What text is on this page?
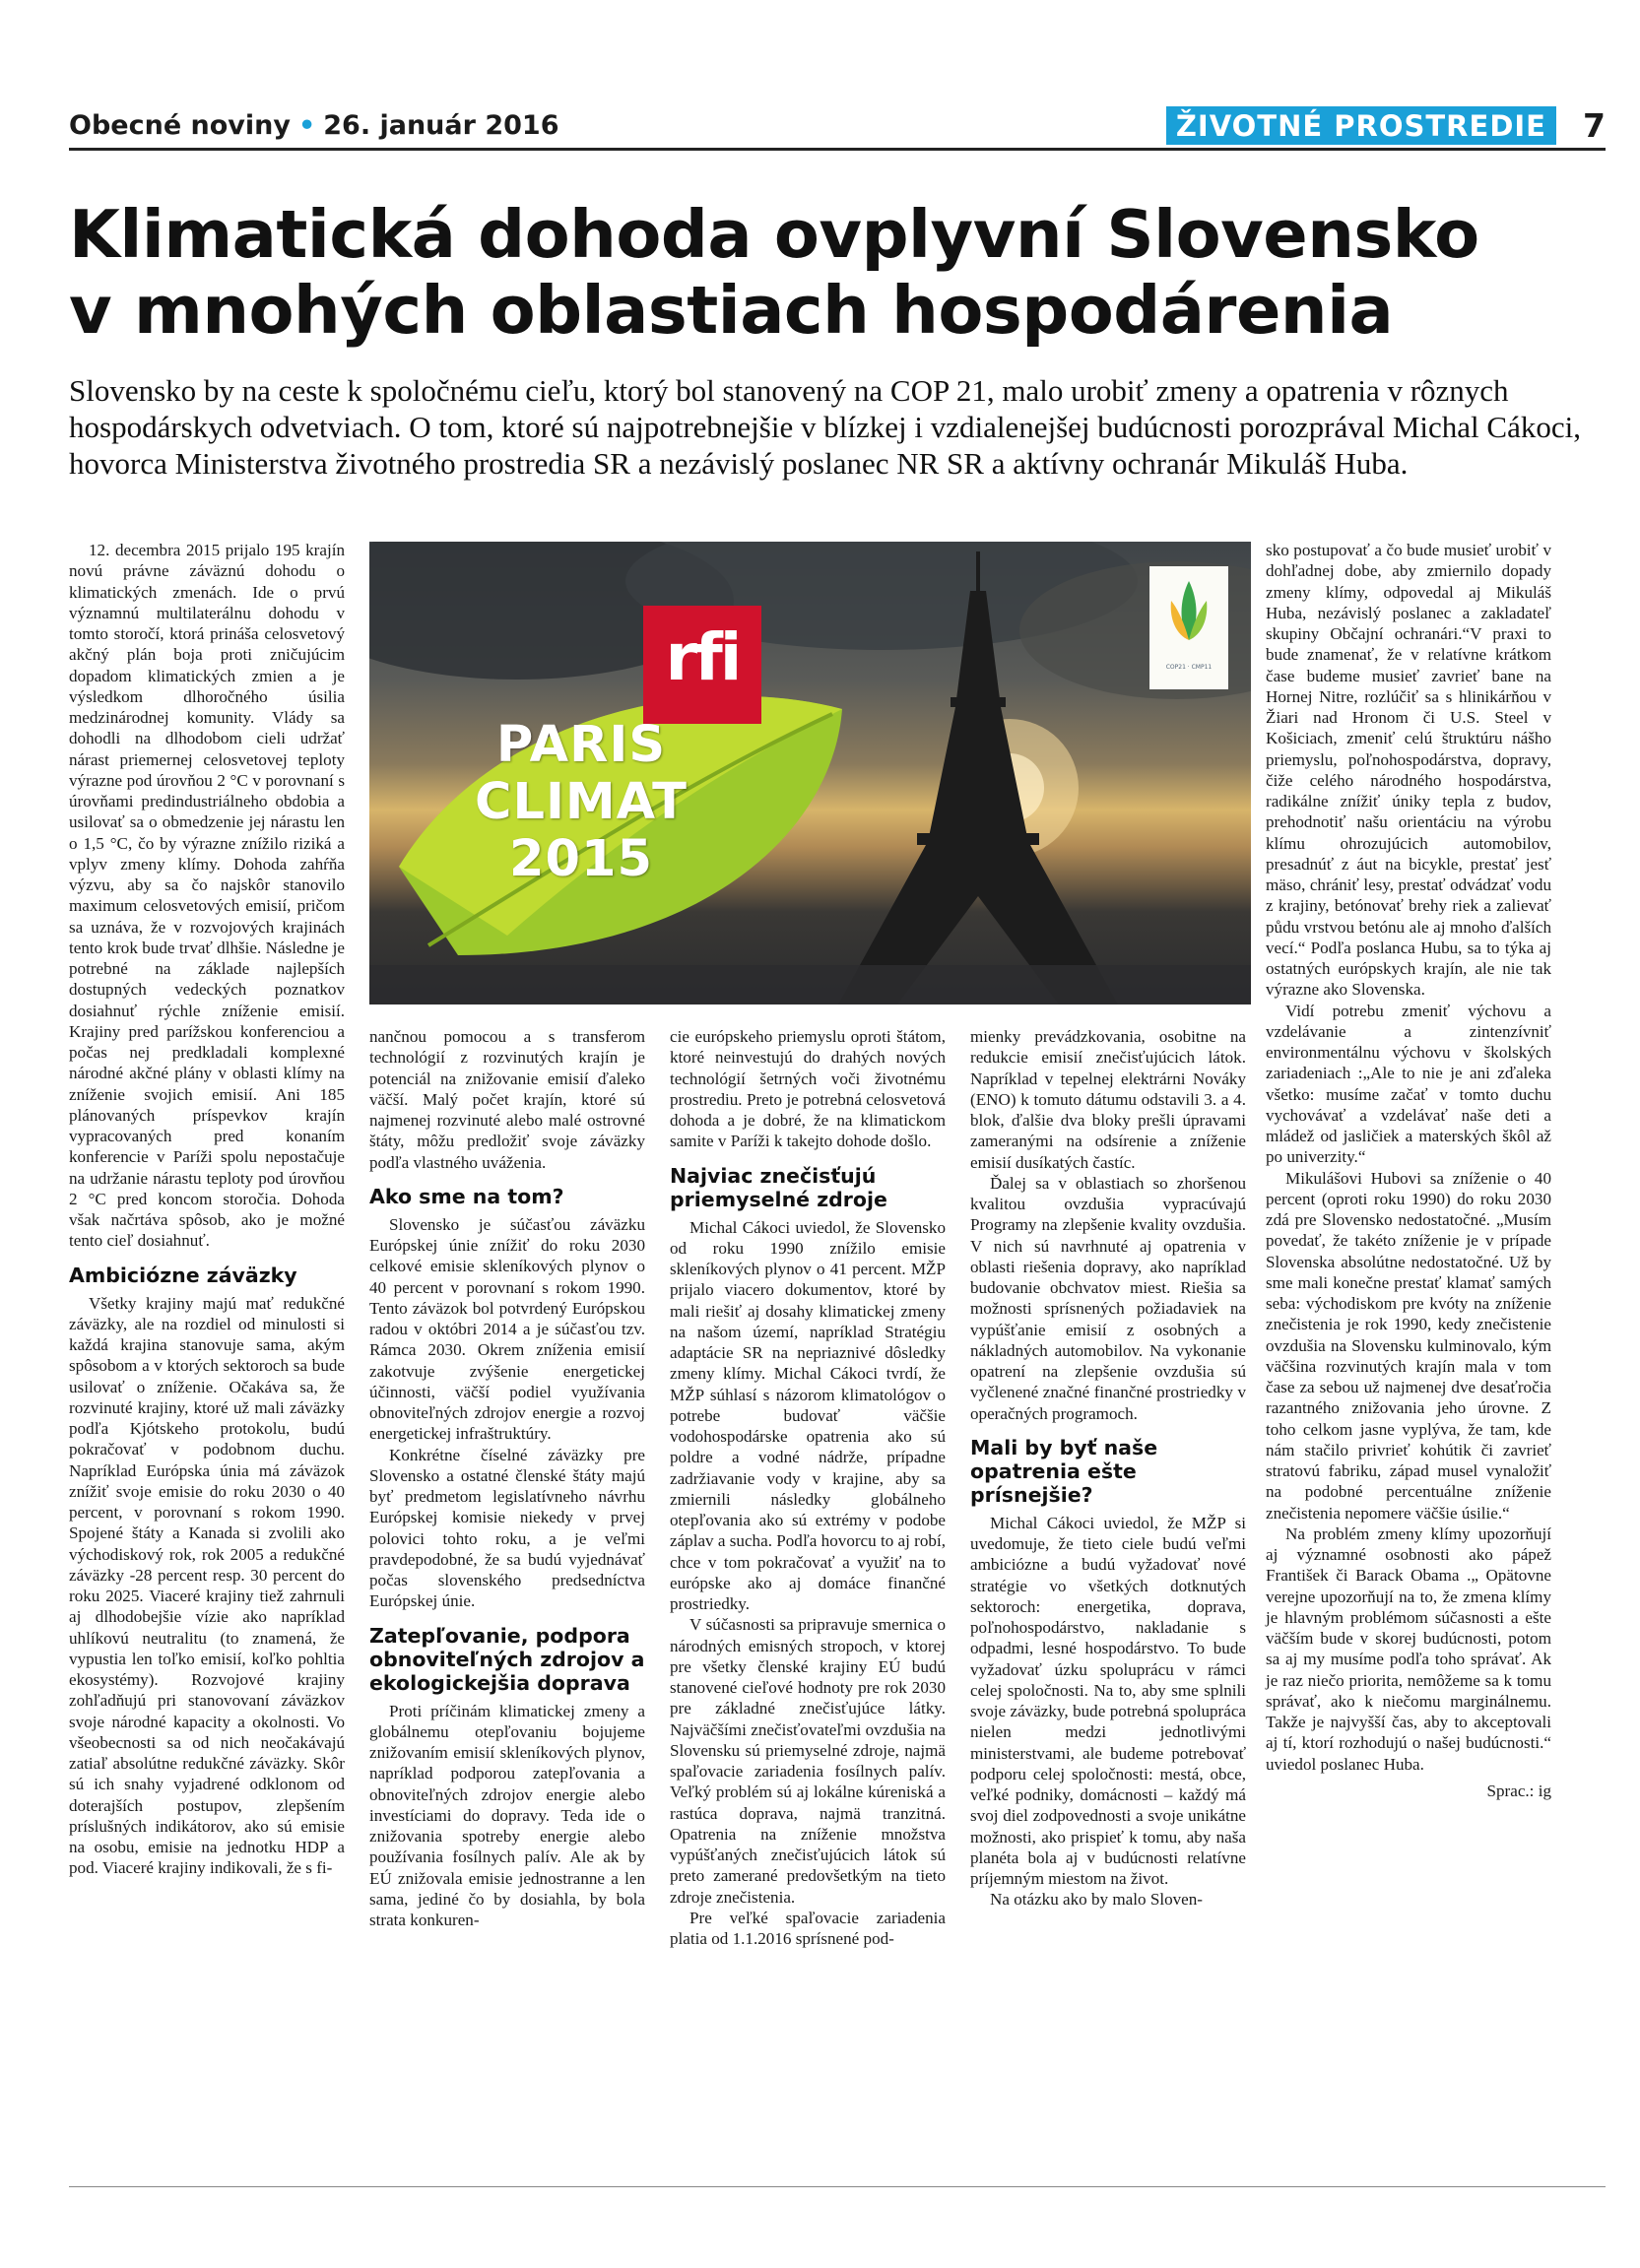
Obecné noviny • 26. január 2016	ŽIVOTNÉ PROSTREDIE	7
Klimatická dohoda ovplyvní Slovensko
v mnohých oblastiach hospodárenia

Slovensko by na ceste k spoločnému cieľu, ktorý bol stanovený na COP 21, malo urobiť zmeny a opatrenia v rôznych hospodárskych odvetviach. O tom, ktoré sú najpotrebnejšie v blízkej i vzdialenejšej budúcnosti porozprával Michal Cákoci, hovorca Ministerstva životného prostredia SR a nezávislý poslanec NR SR a aktívny ochranár Mikuláš Huba.

rfi
PARIS
CLIMAT
2015
COP21 · CMP11

12. decembra 2015 prijalo 195 krajín novú právne záväznú dohodu o klimatických zmenách. Ide o prvú významnú multilaterálnu dohodu v tomto storočí, ktorá prináša celosvetový akčný plán boja proti zničujúcim dopadom klimatických zmien a je výsledkom dlhoročného úsilia medzinárodnej komunity. Vlády sa dohodli na dlhodobom cieli udržať nárast priemernej celosvetovej teploty výrazne pod úrovňou 2 °C v porovnaní s úrovňami predindustriálneho obdobia a usilovať sa o obmedzenie jej nárastu len o 1,5 °C, čo by výrazne znížilo riziká a vplyv zmeny klímy. Dohoda zahŕňa výzvu, aby sa čo najskôr stanovilo maximum celosvetových emisií, pričom sa uznáva, že v rozvojových krajinách tento krok bude trvať dlhšie. Následne je potrebné na základe najlepších dostupných vedeckých poznatkov dosiahnuť rýchle zníženie emisií. Krajiny pred parížskou konferenciou a počas nej predkladali komplexné národné akčné plány v oblasti klímy na zníženie svojich emisií. Ani 185 plánovaných príspevkov krajín vypracovaných pred konaním konferencie v Paríži spolu nepostačuje na udržanie nárastu teploty pod úrovňou 2 °C pred koncom storočia. Dohoda však načrtáva spôsob, ako je možné tento cieľ dosiahnuť.

Ambiciózne záväzky

Všetky krajiny majú mať redukčné záväzky, ale na rozdiel od minulosti si každá krajina stanovuje sama, akým spôsobom a v ktorých sektoroch sa bude usilovať o zníženie. Očakáva sa, že rozvinuté krajiny, ktoré už mali záväzky podľa Kjótskeho protokolu, budú pokračovať v podobnom duchu. Napríklad Európska únia má záväzok znížiť svoje emisie do roku 2030 o 40 percent, v porovnaní s rokom 1990. Spojené štáty a Kanada si zvolili ako východiskový rok, rok 2005 a redukčné záväzky -28 percent resp. 30 percent do roku 2025. Viaceré krajiny tiež zahrnuli aj dlhodobejšie vízie ako napríklad uhlíkovú neutralitu (to znamená, že vypustia len toľko emisií, koľko pohltia ekosystémy). Rozvojové krajiny zohľadňujú pri stanovovaní záväzkov svoje národné kapacity a okolnosti. Vo všeobecnosti sa od nich neočakávajú zatiaľ absolútne redukčné záväzky. Skôr sú ich snahy vyjadrené odklonom od doterajších postupov, zlepšením príslušných indikátorov, ako sú emisie na osobu, emisie na jednotku HDP a pod. Viaceré krajiny indikovali, že s fi-

nančnou pomocou a s transferom technológií z rozvinutých krajín je potenciál na znižovanie emisií ďaleko väčší. Malý počet krajín, ktoré sú najmenej rozvinuté alebo malé ostrovné štáty, môžu predložiť svoje záväzky podľa vlastného uváženia.

Ako sme na tom?

Slovensko je súčasťou záväzku Európskej únie znížiť do roku 2030 celkové emisie skleníkových plynov o 40 percent v porovnaní s rokom 1990. Tento záväzok bol potvrdený Európskou radou v októbri 2014 a je súčasťou tzv. Rámca 2030. Okrem zníženia emisií zakotvuje zvýšenie energetickej účinnosti, väčší podiel využívania obnoviteľných zdrojov energie a rozvoj energetickej infraštruktúry.

Konkrétne číselné záväzky pre Slovensko a ostatné členské štáty majú byť predmetom legislatívneho návrhu Európskej komisie niekedy v prvej polovici tohto roku, a je veľmi pravdepodobné, že sa budú vyjednávať počas slovenského predsedníctva Európskej únie.

Zatepľovanie, podpora obnoviteľných zdrojov a ekologickejšia doprava

Proti príčinám klimatickej zmeny a globálnemu otepľovaniu bojujeme znižovaním emisií skleníkových plynov, napríklad podporou zatepľovania a obnoviteľných zdrojov energie alebo investíciami do dopravy. Teda ide o znižovania spotreby energie alebo používania fosílnych palív. Ale ak by EÚ znižovala emisie jednostranne a len sama, jediné čo by dosiahla, by bola strata konkuren-

cie európskeho priemyslu oproti štátom, ktoré neinvestujú do drahých nových technológií šetrných voči životnému prostrediu. Preto je potrebná celosvetová dohoda a je dobré, že na klimatickom samite v Paríži k takejto dohode došlo.

Najviac znečisťujú priemyselné zdroje

Michal Cákoci uviedol, že Slovensko od roku 1990 znížilo emisie skleníkových plynov o 41 percent. MŽP prijalo viacero dokumentov, ktoré by mali riešiť aj dosahy klimatickej zmeny na našom území, napríklad Stratégiu adaptácie SR na nepriaznivé dôsledky zmeny klímy. Michal Cákoci tvrdí, že MŽP súhlasí s názorom klimatológov o potrebe budovať väčšie vodohospodárske opatrenia ako sú poldre a vodné nádrže, prípadne zadržiavanie vody v krajine, aby sa zmiernili následky globálneho otepľovania ako sú extrémy v podobe záplav a sucha. Podľa hovorcu to aj robí, chce v tom pokračovať a využiť na to európske ako aj domáce finančné prostriedky.

V súčasnosti sa pripravuje smernica o národných emisných stropoch, v ktorej pre všetky členské krajiny EÚ budú stanovené cieľové hodnoty pre rok 2030 pre základné znečisťujúce látky. Najväčšími znečisťovateľmi ovzdušia na Slovensku sú priemyselné zdroje, najmä spaľovacie zariadenia fosílnych palív. Veľký problém sú aj lokálne kúreniská a rastúca doprava, najmä tranzitná. Opatrenia na zníženie množstva vypúšťaných znečisťujúcich látok sú preto zamerané predovšetkým na tieto zdroje znečistenia.

Pre veľké spaľovacie zariadenia platia od 1.1.2016 sprísnené pod-

mienky prevádzkovania, osobitne na redukcie emisií znečisťujúcich látok. Napríklad v tepelnej elektrárni Nováky (ENO) k tomuto dátumu odstavili 3. a 4. blok, ďalšie dva bloky prešli úpravami zameranými na odsírenie a zníženie emisií dusíkatých častíc.

Ďalej sa v oblastiach so zhoršenou kvalitou ovzdušia vypracúvajú Programy na zlepšenie kvality ovzdušia. V nich sú navrhnuté aj opatrenia v oblasti riešenia dopravy, ako napríklad budovanie obchvatov miest. Riešia sa možnosti sprísnených požiadaviek na vypúšťanie emisií z osobných a nákladných automobilov. Na vykonanie opatrení na zlepšenie ovzdušia sú vyčlenené značné finančné prostriedky v operačných programoch.

Mali by byť naše opatrenia ešte prísnejšie?

Michal Cákoci uviedol, že MŽP si uvedomuje, že tieto ciele budú veľmi ambiciózne a budú vyžadovať nové stratégie vo všetkých dotknutých sektoroch: energetika, doprava, poľnohospodárstvo, nakladanie s odpadmi, lesné hospodárstvo. To bude vyžadovať úzku spoluprácu v rámci celej spoločnosti. Na to, aby sme splnili svoje záväzky, bude potrebná spolupráca nielen medzi jednotlivými ministerstvami, ale budeme potrebovať podporu celej spoločnosti: mestá, obce, veľké podniky, domácnosti – každý má svoj diel zodpovednosti a svoje unikátne možnosti, ako prispieť k tomu, aby naša planéta bola aj v budúcnosti relatívne príjemným miestom na život.

Na otázku ako by malo Sloven-

sko postupovať a čo bude musieť urobiť v dohľadnej dobe, aby zmiernilo dopady zmeny klímy, odpovedal aj Mikuláš Huba, nezávislý poslanec a zakladateľ skupiny Občajní ochranári.“V praxi to bude znamenať, že v relatívne krátkom čase budeme musieť zavrieť bane na Hornej Nitre, rozlúčiť sa s hlinikárňou v Žiari nad Hronom či U.S. Steel v Košiciach, zmeniť celú štruktúru nášho priemyslu, poľnohospodárstva, dopravy, čiže celého národného hospodárstva, radikálne znížiť úniky tepla z budov, prehodnotiť našu orientáciu na výrobu klímu ohrozujúcich automobilov, presadnúť z áut na bicykle, prestať jesť mäso, chrániť lesy, prestať odvádzať vodu z krajiny, betónovať brehy riek a zalievať půdu vrstvou betónu ale aj mnoho ďalších vecí.“ Podľa poslanca Hubu, sa to týka aj ostatných európskych krajín, ale nie tak výrazne ako Slovenska.

Vidí potrebu zmeniť výchovu a vzdelávanie a zintenzívniť environmentálnu výchovu v školských zariadeniach :„Ale to nie je ani zďaleka všetko: musíme začať v tomto duchu vychovávať a vzdelávať naše deti a mládež od jasličiek a materských škôl až po univerzity.“

Mikulášovi Hubovi sa zníženie o 40 percent (oproti roku 1990) do roku 2030 zdá pre Slovensko nedostatočné. „Musím povedať, že takéto zníženie je v prípade Slovenska absolútne nedostatočné. Už by sme mali konečne prestať klamať samých seba: východiskom pre kvóty na zníženie znečistenia je rok 1990, kedy znečistenie ovzdušia na Slovensku kulminovalo, kým väčšina rozvinutých krajín mala v tom čase za sebou už najmenej dve desaťročia razantného znižovania jeho úrovne. Z toho celkom jasne vyplýva, že tam, kde nám stačilo privrieť kohútik či zavrieť stratovú fabriku, západ musel vynaložiť na podobné percentuálne zníženie znečistenia nepomere väčšie úsilie.“

Na problém zmeny klímy upozorňují aj významné osobnosti ako pápež František či Barack Obama .„ Opätovne verejne upozorňují na to, že zmena klímy je hlavným problémom súčasnosti a ešte väčším bude v skorej budúcnosti, potom sa aj my musíme podľa toho správať. Ak je raz niečo priorita, nemôžeme sa k tomu správať, ako k niečomu marginálnemu. Takže je najvyšší čas, aby to akceptovali aj tí, ktorí rozhodujú o našej budúcnosti.“ uviedol poslanec Huba.

Sprac.: ig
